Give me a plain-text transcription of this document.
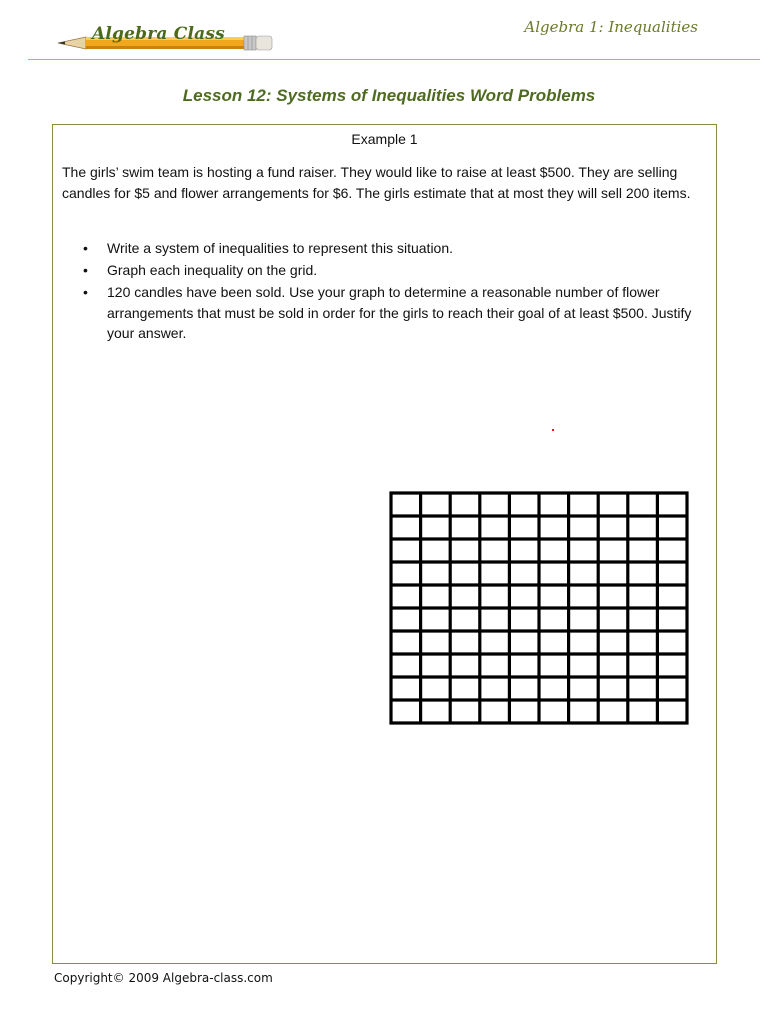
Algebra Class	Algebra 1: Inequalities
Lesson 12: Systems of Inequalities Word Problems
Example 1
The girls’ swim team is hosting a fund raiser. They would like to raise at least $500. They are selling candles for $5 and flower arrangements for $6. The girls estimate that at most they will sell 200 items.
• Write a system of inequalities to represent this situation.
• Graph each inequality on the grid.
• 120 candles have been sold. Use your graph to determine a reasonable number of flower arrangements that must be sold in order for the girls to reach their goal of at least $500. Justify your answer.
Copyright© 2009 Algebra-class.com
